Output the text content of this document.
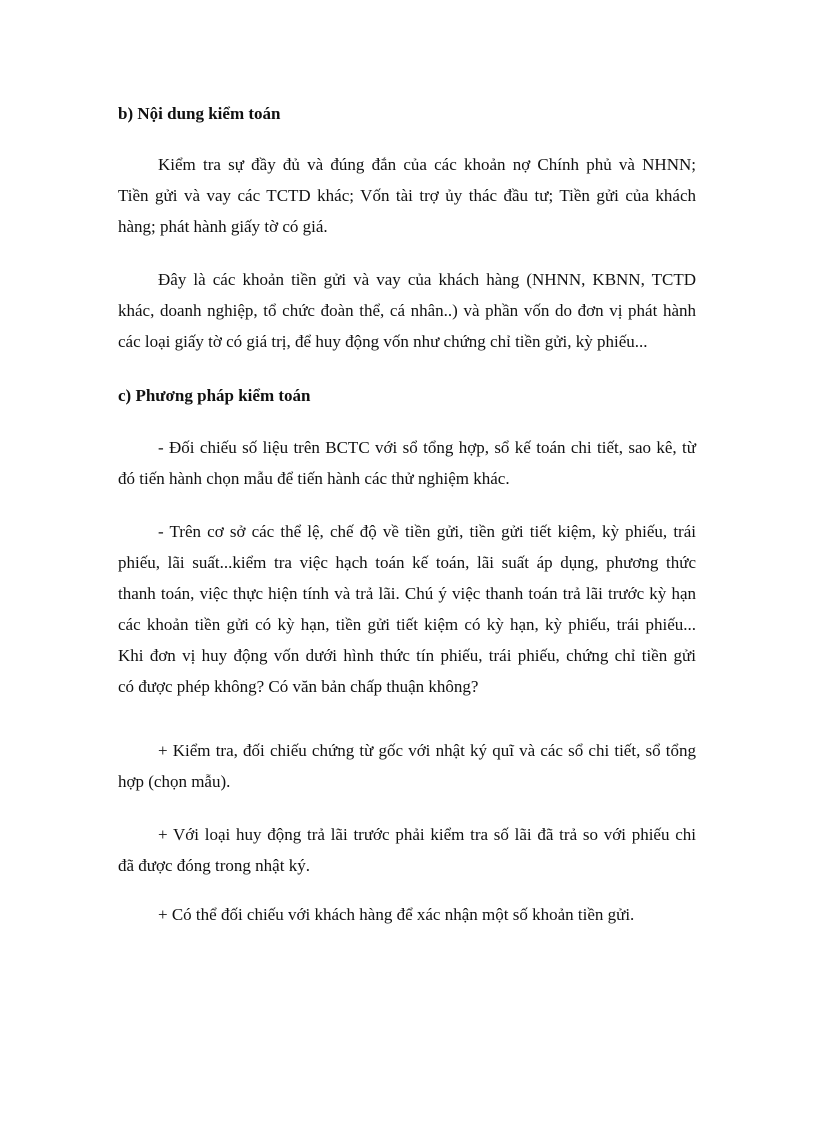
b) Nội dung kiểm toán
Kiểm tra sự đầy đủ và đúng đắn của các khoản nợ Chính phủ và NHNN;
Tiền gửi và vay các TCTD khác; Vốn tài trợ ủy thác đầu tư; Tiền gửi của khách
hàng; phát hành giấy tờ có giá.
Đây là các khoản tiền gửi và vay của khách hàng (NHNN, KBNN, TCTD
khác, doanh nghiệp, tổ chức đoàn thể, cá nhân..) và phần vốn do đơn vị phát hành
các loại giấy tờ có giá trị, để huy động vốn như chứng chỉ tiền gửi, kỳ phiếu...
c) Phương pháp kiểm toán
- Đối chiếu số liệu trên BCTC với sổ tổng hợp, sổ kế toán chi tiết, sao kê, từ
đó tiến hành chọn mẫu để tiến hành các thử nghiệm khác.
- Trên cơ sở các thể lệ, chế độ về tiền gửi, tiền gửi tiết kiệm, kỳ phiếu, trái
phiếu, lãi suất...kiểm tra việc hạch toán kế toán, lãi suất áp dụng, phương thức
thanh toán, việc thực hiện tính và trả lãi. Chú ý việc thanh toán trả lãi trước kỳ hạn
các khoản tiền gửi có kỳ hạn, tiền gửi tiết kiệm có kỳ hạn, kỳ phiếu, trái phiếu...
Khi đơn vị huy động vốn dưới hình thức tín phiếu, trái phiếu, chứng chỉ tiền gửi
có được phép không? Có văn bản chấp thuận không?
+ Kiểm tra, đối chiếu chứng từ gốc với nhật ký quĩ và các sổ chi tiết, sổ tổng
hợp (chọn mẫu).
+ Với loại huy động trả lãi trước phải kiểm tra số lãi đã trả so với phiếu chi
đã được đóng trong nhật ký.
+ Có thể đối chiếu với khách hàng để xác nhận một số khoản tiền gửi.
